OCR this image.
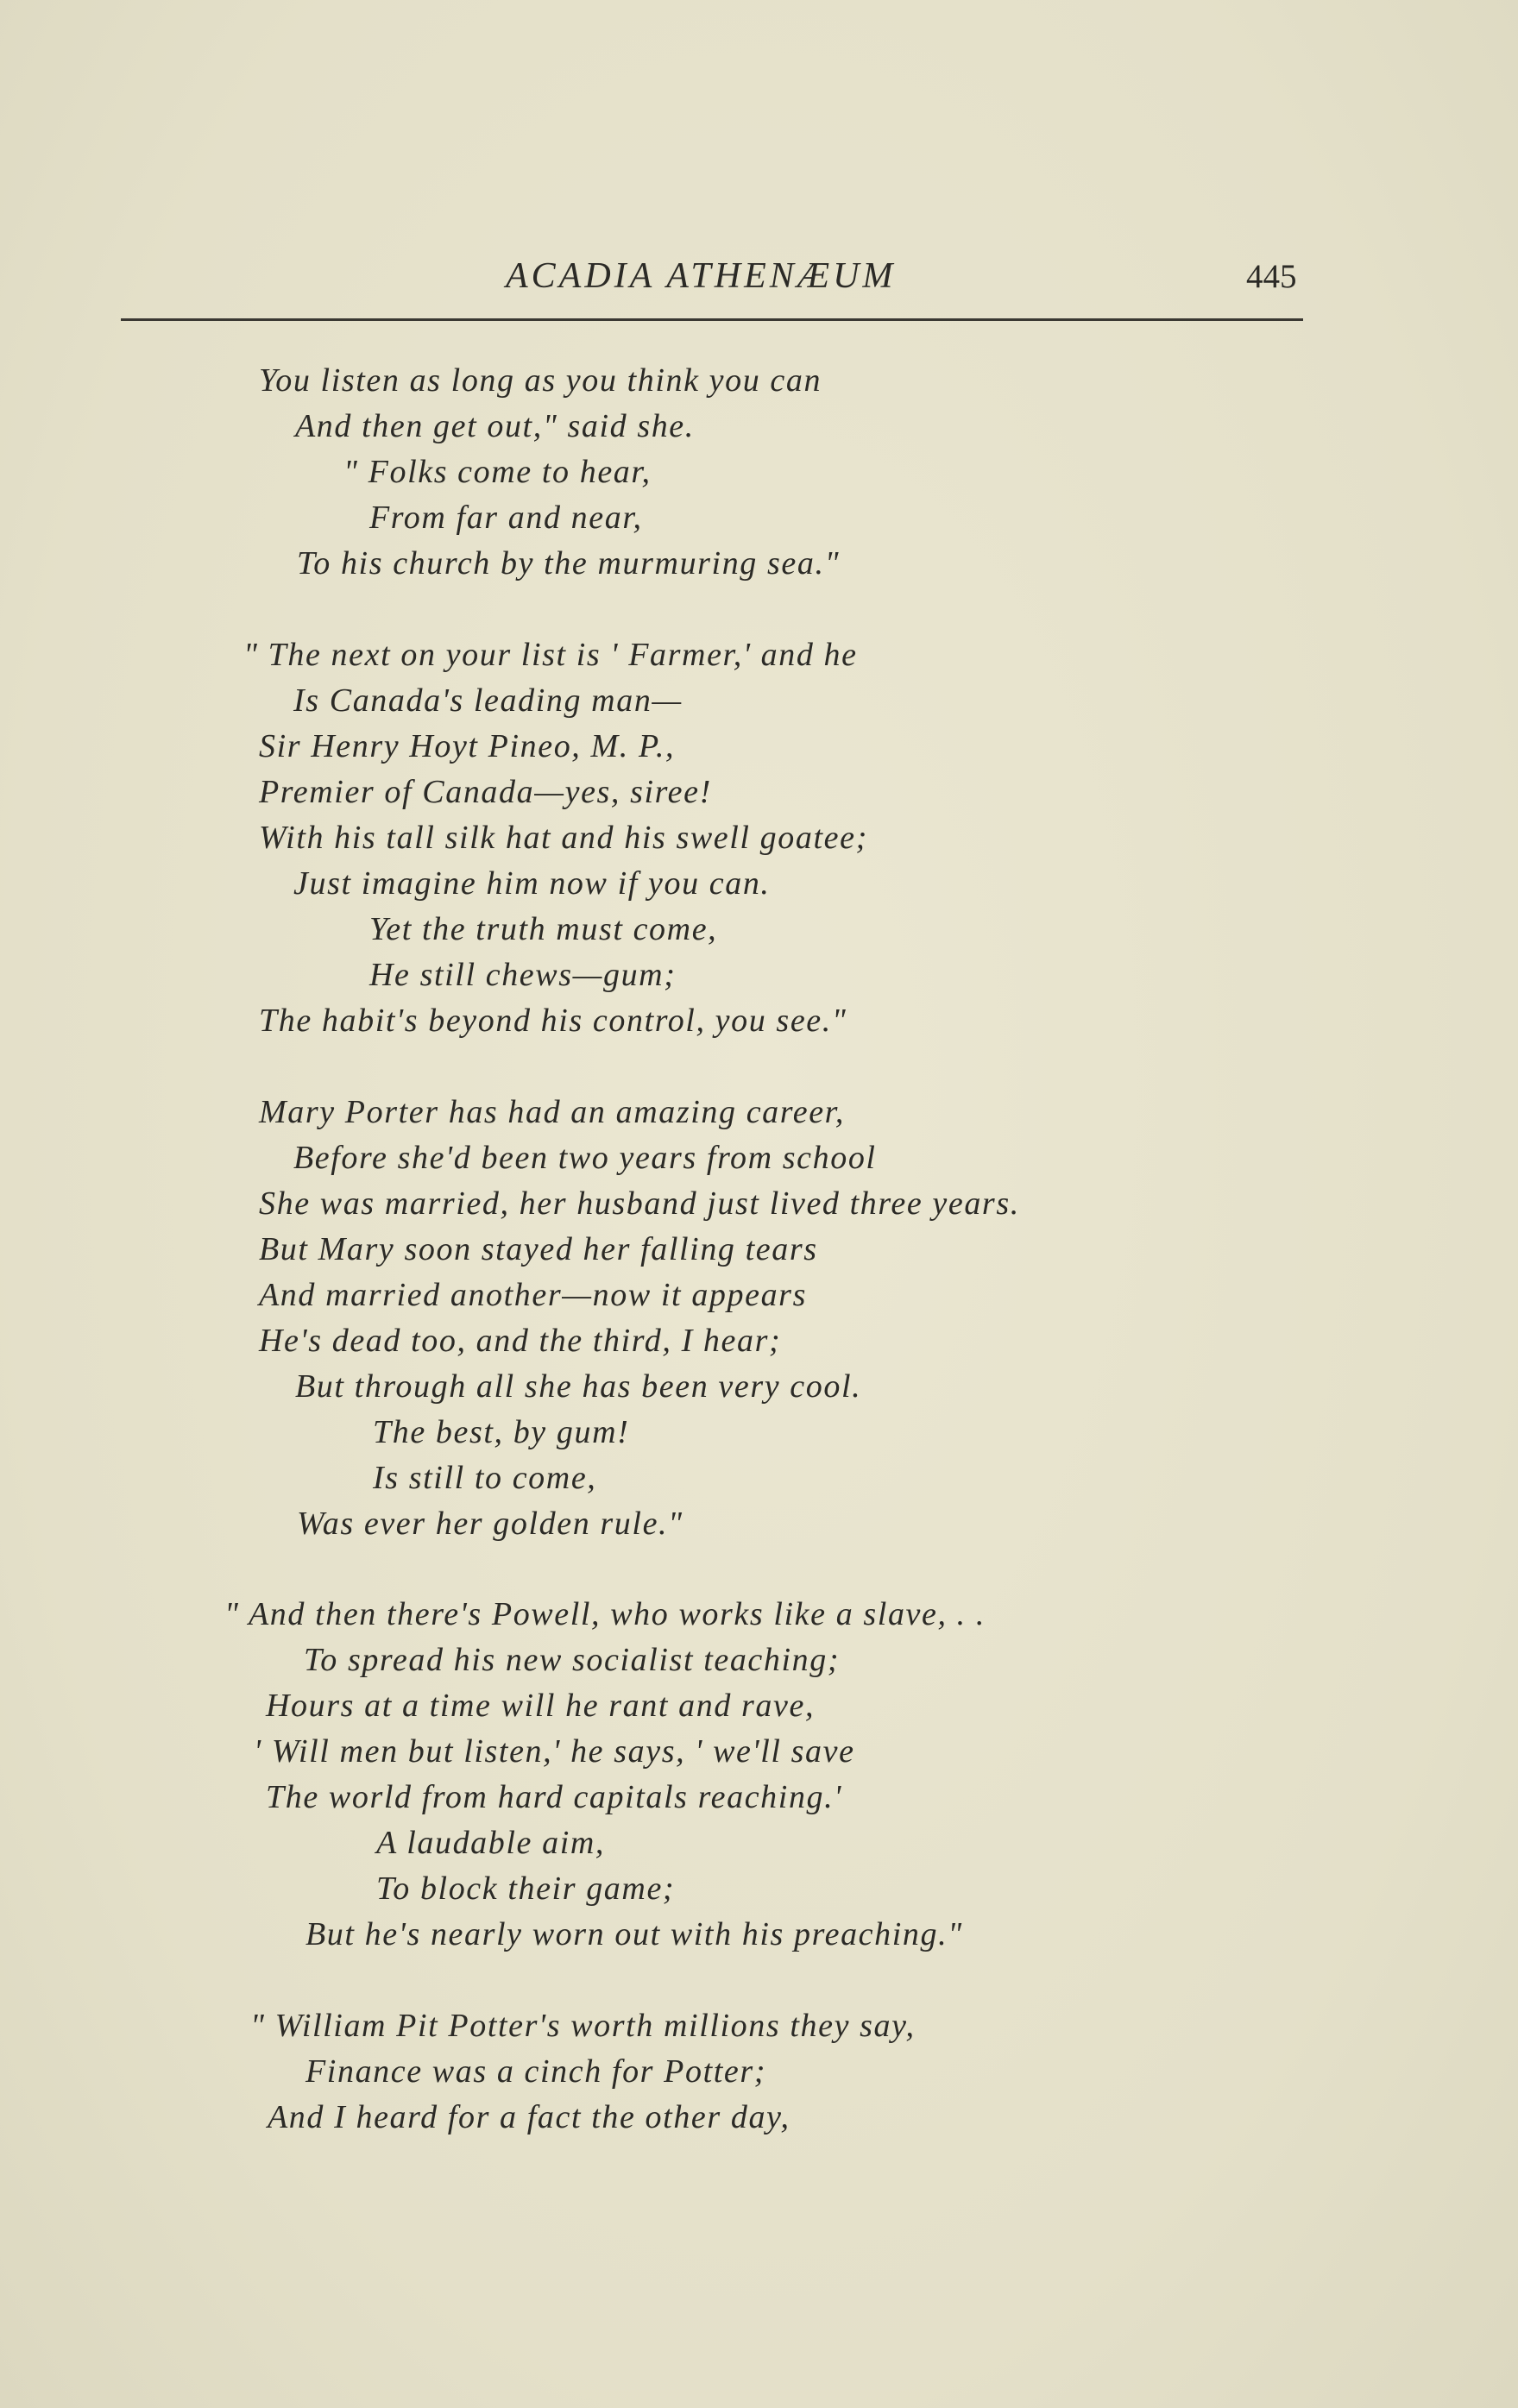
ACADIA ATHENÆUM	445
You listen as long as you think you can
And then get out," said she.
" Folks come to hear,
From far and near,
To his church by the murmuring sea."
" The next on your list is ' Farmer,' and he
Is Canada's leading man—
Sir Henry Hoyt Pineo, M. P.,
Premier of Canada—yes, siree!
With his tall silk hat and his swell goatee;
Just imagine him now if you can.
Yet the truth must come,
He still chews—gum;
The habit's beyond his control, you see."
Mary Porter has had an amazing career,
Before she'd been two years from school
She was married, her husband just lived three years.
But Mary soon stayed her falling tears
And married another—now it appears
He's dead too, and the third, I hear;
But through all she has been very cool.
The best, by gum!
Is still to come,
Was ever her golden rule."
" And then there's Powell, who works like a slave, . .
To spread his new socialist teaching;
Hours at a time will he rant and rave,
' Will men but listen,' he says, ' we'll save
The world from hard capitals reaching.'
A laudable aim,
To block their game;
But he's nearly worn out with his preaching."
" William Pit Potter's worth millions they say,
Finance was a cinch for Potter;
And I heard for a fact the other day,
